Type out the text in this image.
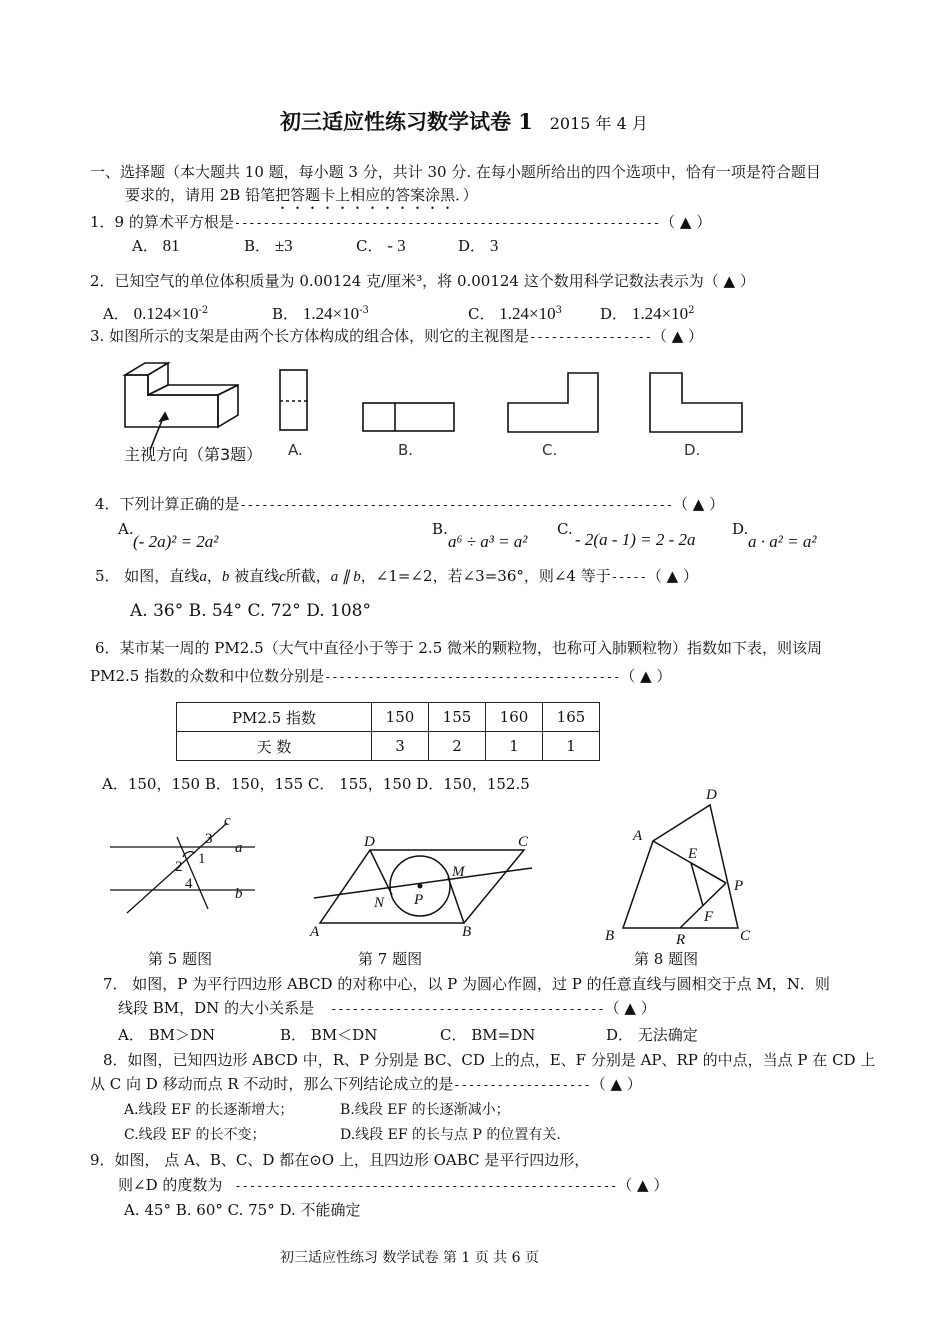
初三适应性练习数学试卷 1 2015 年 4 月
一、选择题（本大题共 10 题，每小题 3 分，共计 30 分. 在每小题所给出的四个选项中，恰有一项是符合题目
要求的，请用 2B 铅笔把答题卡上相应的答案涂黑．）
1．9 的算术平方根是-----------------------------------------------------------（ ▲ ）
A． 81	B． ±3	C． - 3	D． 3
2．已知空气的单位体积质量为 0.00124 克/厘米³，将 0.00124 这个数用科学记数法表示为（ ▲ ）
A． $0.124\times 10^{-2}$	B． $1.24\times 10^{-3}$	C． $1.24\times 10^3$	D． $1.24\times 10^2$
3. 如图所示的支架是由两个长方体构成的组合体，则它的主视图是-----------------（ ▲ ）
主视方向（第3题） A.	B.	C.	D.
4．下列计算正确的是------------------------------------------------------------（ ▲ ）
A.
(- 2a)² = 2a²
B.
a⁶ ÷ a³ = a²
C.
- 2(a - 1) = 2 - 2a
D.
a · a² = a²
5． 如图，直线a，b 被直线c所截，a ∥ b，∠1=∠2，若∠3=36°，则∠4 等于-----（ ▲ ）
A. 36° B. 54° C. 72° D. 108°
6．某市某一周的 PM2.5（大气中直径小于等于 2.5 微米的颗粒物，也称可入肺颗粒物）指数如下表，则该周
PM2.5 指数的众数和中位数分别是-----------------------------------------（ ▲ ）
PM2.5 指数	150	155	160	165
天 数	3	2	1	1
A．150，150 B．150，155 C． 155，150 D．150，152.5
c
3
a
2 1
4
b
第 5 题图
D	C
M
N P
A	B
第 7 题图
D
A
E
P
F
B	R	C
第 8 题图
7． 如图，P 为平行四边形 ABCD 的对称中心，以 P 为圆心作圆，过 P 的任意直线与圆相交于点 M，N．则
线段 BM，DN 的大小关系是 --------------------------------------（ ▲ ）
A． BM＞DN	B． BM＜DN	C． BM=DN	D． 无法确定
8．如图，已知四边形 ABCD 中，R、P 分别是 BC、CD 上的点，E、F 分别是 AP、RP 的中点，当点 P 在 CD 上
从 C 向 D 移动而点 R 不动时，那么下列结论成立的是-------------------（ ▲ ）
A.线段 EF 的长逐渐增大；	B.线段 EF 的长逐渐减小；
C.线段 EF 的长不变；	D.线段 EF 的长与点 P 的位置有关.
9．如图， 点 A、B、C、D 都在⊙O 上，且四边形 OABC 是平行四边形，
则∠D 的度数为 -----------------------------------------------------（ ▲ ）
A. 45° B. 60° C. 75° D. 不能确定
初三适应性练习 数学试卷 第 1 页 共 6 页
